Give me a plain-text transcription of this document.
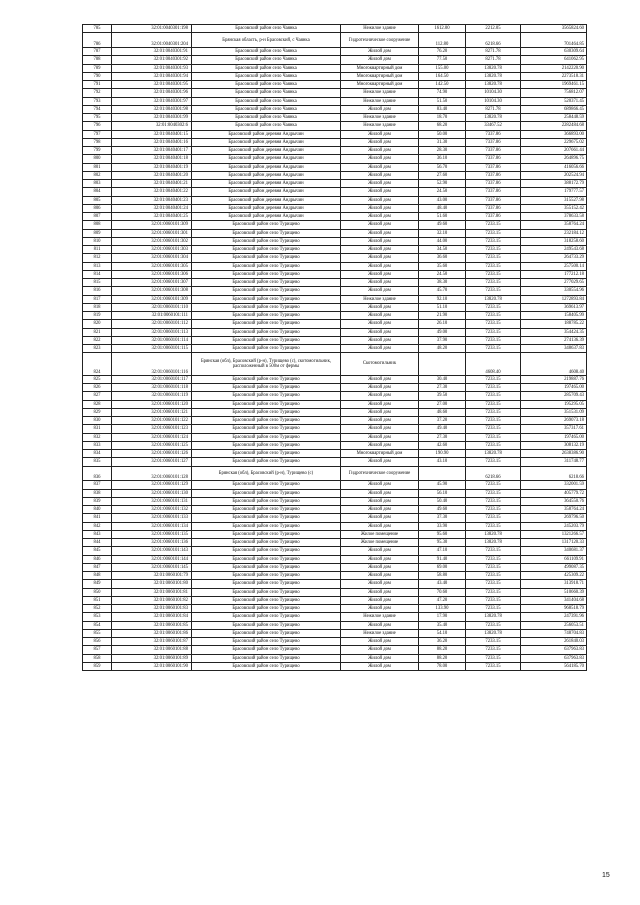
785	32:01:0040301:198	Брасовский район село Чаянка	Нежилое здание	1612.00	2212.05	3565824.60
786	32:01:0040301:204	Брянская область, р-н Брасовский, с Чаянка	Гидротехническое сооружение	112.80	6218.66	701464.85
787	32:01:0040301:91	Брасовский район село Чаянка	Жилой дом	76.20	8271.78	630309.64
788	32:01:0040301:92	Брасовский район село Чаянка	Жилой дом	77.50	8271.78	641062.95
789	32:01:0040301:93	Брасовский район село Чаянка	Многоквартирный дом	155.00	13820.78	2142220.90
790	32:01:0040301:94	Брасовский район село Чаянка	Многоквартирный дом	164.50	13820.78	2273518.31
791	32:01:0040301:95	Брасовский район село Чаянка	Многоквартирный дом	142.50	13820.78	1969461.15
792	32:01:0040301:96	Брасовский район село Чаянка	Нежилое здание	74.90	10104.30	756812.07
793	32:01:0040301:97	Брасовский район село Чаянка	Нежилое здание	51.50	10104.30	520371.45
794	32:01:0040301:98	Брасовский район село Чаянка	Жилой дом	83.40	8271.78	689866.45
795	32:01:0040301:99	Брасовский район село Чаянка	Нежилое здание	18.70	13820.78	258448.59
796	32:01:0040302:6	Брасовский район село Чаянка	Нежилое здание	68.20	33467.52	2282484.68
797	32:01:0040401:15	Брасовский район деревня Андрычин	Жилой дом	50.00	7337.86	366893.00
798	32:01:0040401:16	Брасовский район деревня Андрычин	Жилой дом	31.30	7337.86	229675.02
799	32:01:0040401:17	Брасовский район деревня Андрычин	Жилой дом	28.30	7337.86	207661.44
800	32:01:0040401:18	Брасовский район деревня Андрычин	Жилой дом	36.10	7337.86	264896.75
801	32:01:0040401:19	Брасовский район деревня Андрычин	Жилой дом	56.70	7337.86	416056.66
802	32:01:0040401:20	Брасовский район деревня Андрычин	Жилой дом	27.60	7337.86	202524.94
803	32:01:0040401:21	Брасовский район деревня Андрычин	Жилой дом	52.90	7337.86	388172.79
804	32:01:0040401:22	Брасовский район деревня Андрычин	Жилой дом	24.50	7337.86	179777.57
805	32:01:0040401:23	Брасовский район деревня Андрычин	Жилой дом	43.00	7337.86	315527.98
806	32:01:0040401:24	Брасовский район деревня Андрычин	Жилой дом	48.40	7337.86	355152.42
807	32:01:0040401:25	Брасовский район деревня Андрычин	Жилой дом	51.60	7337.86	378633.58
808	32:01:0060101:309	Брасовский район село Турищево	Жилой дом	49.60	7233.15	358764.24
809	32:01:0060101:301	Брасовский район село Турищево	Жилой дом	32.10	7233.15	232184.12
810	32:01:0060101:302	Брасовский район село Турищево	Жилой дом	44.00	7233.15	318258.60
811	32:01:0060101:303	Брасовский район село Турищево	Жилой дом	34.50	7233.15	249543.68
812	32:01:0060101:304	Брасовский район село Турищево	Жилой дом	36.60	7233.15	264733.29
813	32:01:0060101:305	Брасовский район село Турищево	Жилой дом	35.60	7233.15	257500.14
814	32:01:0060101:306	Брасовский район село Турищево	Жилой дом	24.50	7233.15	177212.18
815	32:01:0060101:307	Брасовский район село Турищево	Жилой дом	38.30	7233.15	277029.65
816	32:01:0060101:308	Брасовский район село Турищево	Жилой дом	45.70	7233.15	330554.96
817	32:01:0060101:309	Брасовский район село Турищево	Нежилое здание	92.10	13820.78	1272893.84
818	32:01:0060101:110	Брасовский район село Турищево	Жилой дом	51.10	7233.15	369613.97
819	32:01:0060101:111	Брасовский район село Турищево	Жилой дом	21.90	7233.15	158405.99
820	32:01:0060101:112	Брасовский район село Турищево	Жилой дом	26.10	7233.15	188785.22
821	32:01:0060101:113	Брасовский район село Турищево	Жилой дом	49.00	7233.15	354424.35
822	32:01:0060101:114	Брасовский район село Турищево	Жилой дом	37.90	7233.15	274136.39
823	32:01:0060101:115	Брасовский район село Турищево	Жилой дом	48.20	7233.15	348637.83
824	32:01:0060101:116	Брянская (обл), Брасовский (р-н), Турищево (с), скотомогильник, расположенный в 500м от фермы	Скотомогильник		4608.40	4608.40
825	32:01:0060101:117	Брасовский район село Турищево	Жилой дом	30.40	7233.15	219887.76
826	32:01:0060101:118	Брасовский район село Турищево	Жилой дом	27.30	7233.15	197465.00
827	32:01:0060101:119	Брасовский район село Турищево	Жилой дом	39.50	7233.15	285709.43
828	32:01:0060101:120	Брасовский район село Турищево	Жилой дом	27.00	7233.15	195295.05
829	32:01:0060101:121	Брасовский район село Турищево	Жилой дом	48.60	7233.15	351531.09
830	32:01:0060101:122	Брасовский район село Турищево	Жилой дом	37.20	7233.15	269073.18
831	32:01:0060101:123	Брасовский район село Турищево	Жилой дом	49.40	7233.15	357317.61
832	32:01:0060101:124	Брасовский район село Турищево	Жилой дом	27.30	7233.15	197465.00
833	32:01:0060101:125	Брасовский район село Турищево	Жилой дом	42.60	7233.15	308132.19
834	32:01:0060101:126	Брасовский район село Турищево	Многоквартирный дом	190.90	13820.78	2638386.90
835	32:01:0060101:127	Брасовский район село Турищево	Жилой дом	43.10	7233.15	311748.77
836	32:01:0060101:128	Брянская (обл), Брасовский (р-н), Турищево (с)	Гидротехническое сооружение		6218.66	6218.66
837	32:01:0060101:129	Брасовский район село Турищево	Жилой дом	45.90	7233.15	332001.59
838	32:01:0060101:130	Брасовский район село Турищево	Жилой дом	56.10	7233.15	405779.72
839	32:01:0060101:131	Брасовский район село Турищево	Жилой дом	50.40	7233.15	364550.76
840	32:01:0060101:132	Брасовский район село Турищево	Жилой дом	49.60	7233.15	358764.24
841	32:01:0060101:133	Брасовский район село Турищево	Жилой дом	37.30	7233.15	269796.50
842	32:01:0060101:134	Брасовский район село Турищево	Жилой дом	33.90	7233.15	245203.79
843	32:01:0060101:135	Брасовский район село Турищево	Жилое помещение	95.60	13820.78	1321266.57
844	32:01:0060101:136	Брасовский район село Турищево	Жилое помещение	95.30	13820.78	1317120.33
845	32:01:0060101:143	Брасовский район село Турищево	Жилой дом	47.10	7233.15	340681.37
846	32:01:0060101:144	Брасовский район село Турищево	Жилой дом	91.40	7233.15	661109.91
847	32:01:0060101:145	Брасовский район село Турищево	Жилой дом	69.00	7233.15	499087.35
848	32:01:0060101:79	Брасовский район село Турищево	Жилой дом	58.80	7233.15	425309.22
849	32:01:0060101:80	Брасовский район село Турищево	Жилой дом	43.40	7233.15	313918.71
850	32:01:0060101:81	Брасовский район село Турищево	Жилой дом	70.60	7233.15	510660.39
851	32:01:0060101:82	Брасовский район село Турищево	Жилой дом	47.20	7233.15	341404.68
852	32:01:0060101:83	Брасовский район село Турищево	Жилой дом	133.90	7233.15	968518.79
853	32:01:0060101:84	Брасовский район село Турищево	Нежилое здание	17.90	13820.78	247391.96
854	32:01:0060101:85	Брасовский район село Турищево	Жилой дом	35.40	7233.15	256053.51
855	32:01:0060101:86	Брасовский район село Турищево	Нежилое здание	54.10	13820.78	748704.83
856	32:01:0060101:87	Брасовский район село Турищево	Жилой дом	36.20	7233.15	261840.03
857	32:01:0060101:88	Брасовский район село Турищево	Жилой дом	88.20	7233.15	637963.83
858	32:01:0060101:89	Брасовский район село Турищево	Жилой дом	88.20	7233.15	637963.83
859	32:01:0060101:90	Брасовский район село Турищево	Жилой дом	78.00	7233.15	564185.70
15
